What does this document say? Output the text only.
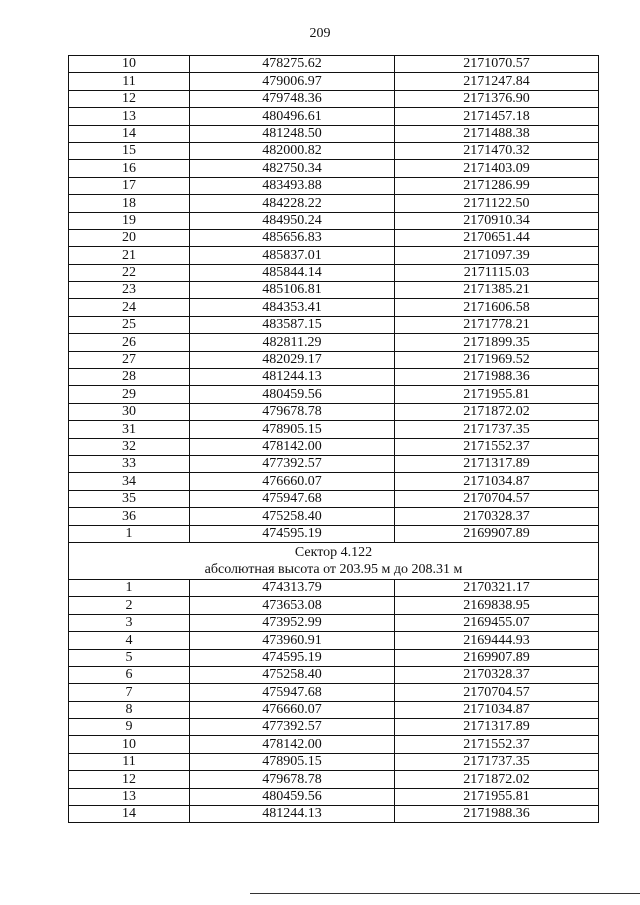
209
10	478275.62	2171070.57
11	479006.97	2171247.84
12	479748.36	2171376.90
13	480496.61	2171457.18
14	481248.50	2171488.38
15	482000.82	2171470.32
16	482750.34	2171403.09
17	483493.88	2171286.99
18	484228.22	2171122.50
19	484950.24	2170910.34
20	485656.83	2170651.44
21	485837.01	2171097.39
22	485844.14	2171115.03
23	485106.81	2171385.21
24	484353.41	2171606.58
25	483587.15	2171778.21
26	482811.29	2171899.35
27	482029.17	2171969.52
28	481244.13	2171988.36
29	480459.56	2171955.81
30	479678.78	2171872.02
31	478905.15	2171737.35
32	478142.00	2171552.37
33	477392.57	2171317.89
34	476660.07	2171034.87
35	475947.68	2170704.57
36	475258.40	2170328.37
1	474595.19	2169907.89

Сектор 4.122
абсолютная высота от 203.95 м до 208.31 м		

1	474313.79	2170321.17
2	473653.08	2169838.95
3	473952.99	2169455.07
4	473960.91	2169444.93
5	474595.19	2169907.89
6	475258.40	2170328.37
7	475947.68	2170704.57
8	476660.07	2171034.87
9	477392.57	2171317.89
10	478142.00	2171552.37
11	478905.15	2171737.35
12	479678.78	2171872.02
13	480459.56	2171955.81
14	481244.13	2171988.36
